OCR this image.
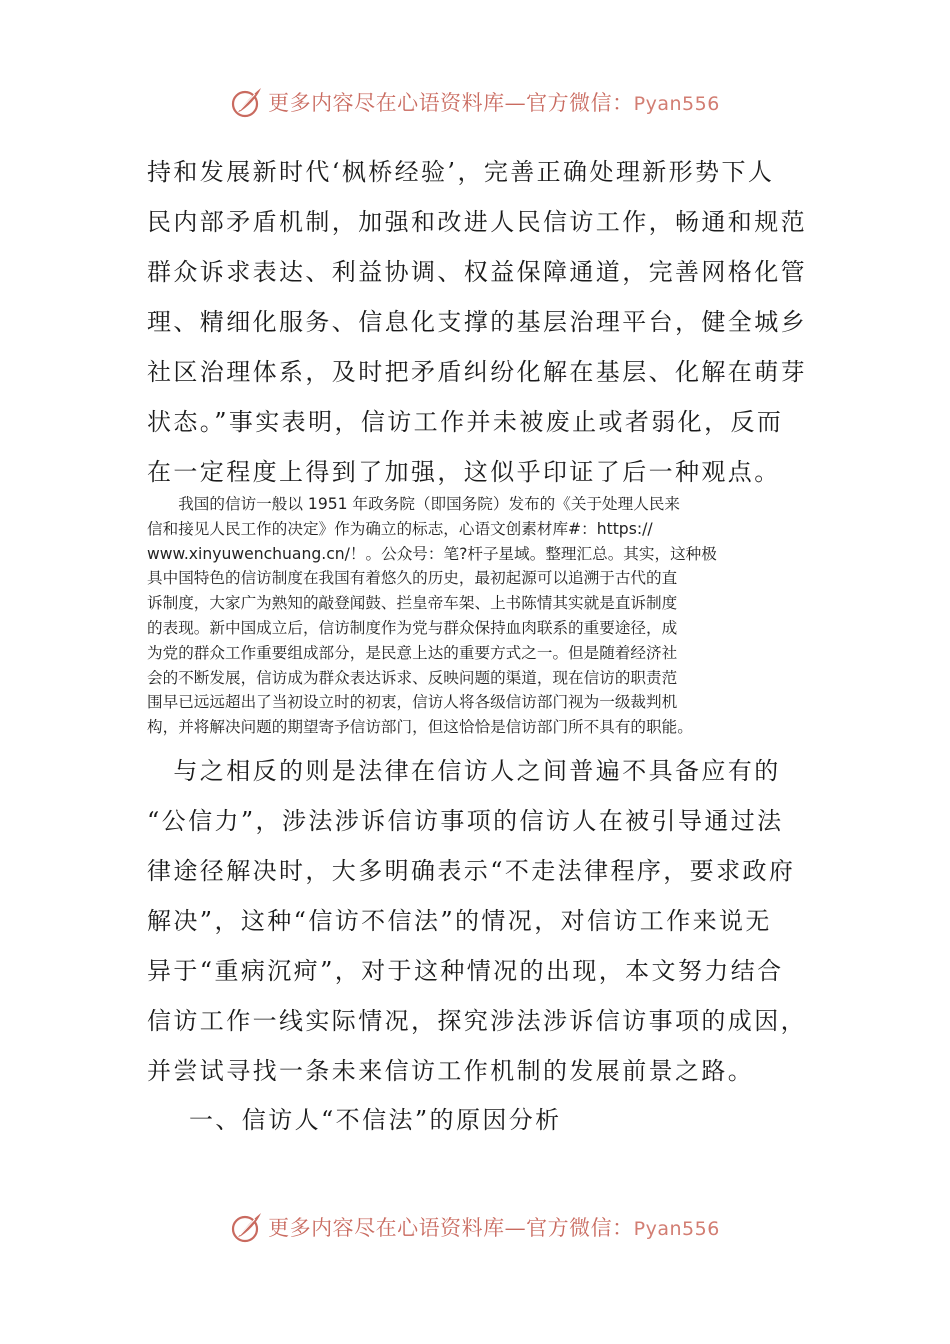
更多内容尽在心语资料库—官方微信：Pyan556
持和发展新时代‘枫桥经验’，完善正确处理新形势下人
民内部矛盾机制，加强和改进人民信访工作，畅通和规范
群众诉求表达、利益协调、权益保障通道，完善网格化管
理、精细化服务、信息化支撑的基层治理平台，健全城乡
社区治理体系，及时把矛盾纠纷化解在基层、化解在萌芽
状态。”事实表明，信访工作并未被废止或者弱化，反而
在一定程度上得到了加强，这似乎印证了后一种观点。
　　我国的信访一般以 1951 年政务院（即国务院）发布的《关于处理人民来
信和接见人民工作的决定》作为确立的标志，心语文创素材库#：https://
www.xinyuwenchuang.cn/！。公众号：笔?杆子星域。整理汇总。其实，这种极
具中国特色的信访制度在我国有着悠久的历史，最初起源可以追溯于古代的直
诉制度，大家广为熟知的敲登闻鼓、拦皇帝车架、上书陈情其实就是直诉制度
的表现。新中国成立后，信访制度作为党与群众保持血肉联系的重要途径，成
为党的群众工作重要组成部分，是民意上达的重要方式之一。但是随着经济社
会的不断发展，信访成为群众表达诉求、反映问题的渠道，现在信访的职责范
围早已远远超出了当初设立时的初衷，信访人将各级信访部门视为一级裁判机
构，并将解决问题的期望寄予信访部门，但这恰恰是信访部门所不具有的职能。
　与之相反的则是法律在信访人之间普遍不具备应有的
“公信力”，涉法涉诉信访事项的信访人在被引导通过法
律途径解决时，大多明确表示“不走法律程序，要求政府
解决”，这种“信访不信法”的情况，对信访工作来说无
异于“重病沉疴”，对于这种情况的出现，本文努力结合
信访工作一线实际情况，探究涉法涉诉信访事项的成因，
并尝试寻找一条未来信访工作机制的发展前景之路。
一、信访人“不信法”的原因分析
更多内容尽在心语资料库—官方微信：Pyan556
